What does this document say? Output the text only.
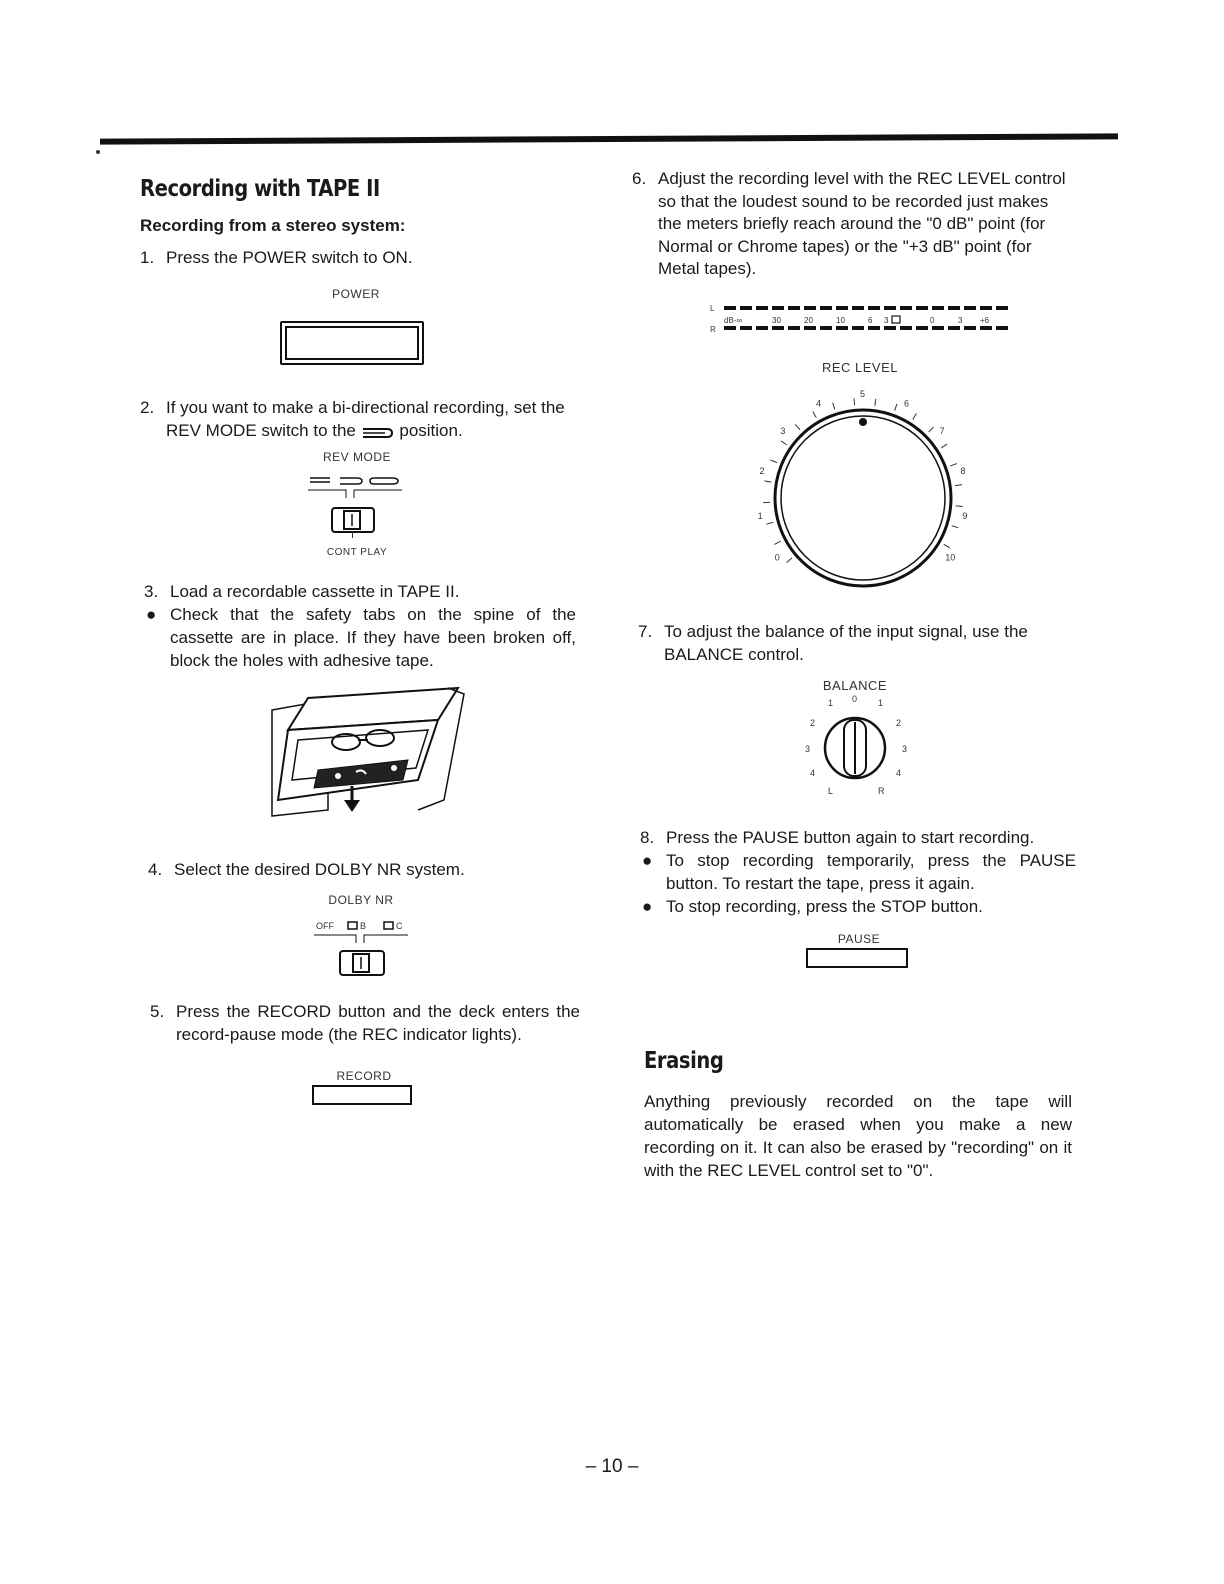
Recording with TAPE II

Recording from a stereo system:

1. Press the POWER switch to ON.

POWER

2. If you want to make a bi-directional recording, set the REV MODE switch to the	position.

REV MODE
CONT PLAY

3. Load a recordable cassette in TAPE II.

● Check that the safety tabs on the spine of the cassette are in place. If they have been broken off, block the holes with adhesive tape.

4. Select the desired DOLBY NR system.

DOLBY NR
OFF	B	C

5. Press the RECORD button and the deck enters the record-pause mode (the REC indicator lights).

RECORD

6. Adjust the recording level with the REC LEVEL control so that the loudest sound to be recorded just makes the meters briefly reach around the "0 dB" point (for Normal or Chrome tapes) or the "+3 dB" point (for Metal tapes).

L
R
dB-∞	30	20	10	6 3	0	3 +6
REC LEVEL
0
1
2
3
4
5
6
7
8
9
10

7. To adjust the balance of the input signal, use the BALANCE control.

BALANCE
0
1
2
3
4
1
2
3
4
L	R

8. Press the PAUSE button again to start recording.

● To stop recording temporarily, press the PAUSE button. To restart the tape, press it again.

● To stop recording, press the STOP button.

PAUSE
Erasing

Anything previously recorded on the tape will automatically be erased when you make a new recording on it. It can also be erased by "recording" on it with the REC LEVEL control set to "0".

– 10 –
